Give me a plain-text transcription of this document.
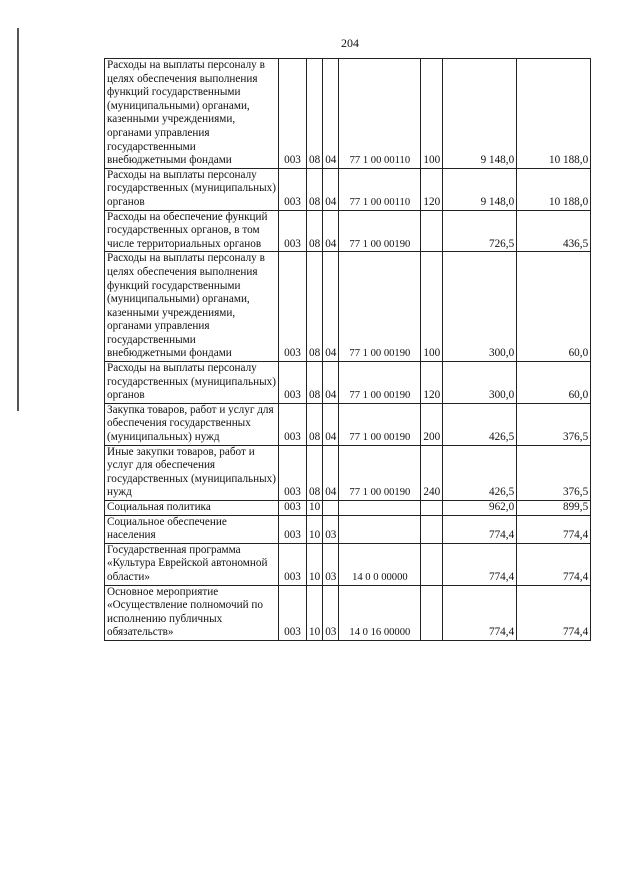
204
Расходы на выплаты персоналу в целях обеспечения выполнения функций государственными (муниципальными) органами, казенными учреждениями, органами управления государственными внебюджетными фондами	003	08	04	77 1 00 00110	100	9 148,0	10 188,0
Расходы на выплаты персоналу государственных (муниципальных) органов	003	08	04	77 1 00 00110	120	9 148,0	10 188,0
Расходы на обеспечение функций государственных органов, в том числе территориальных органов	003	08	04	77 1 00 00190		726,5	436,5
Расходы на выплаты персоналу в целях обеспечения выполнения функций государственными (муниципальными) органами, казенными учреждениями, органами управления государственными внебюджетными фондами	003	08	04	77 1 00 00190	100	300,0	60,0
Расходы на выплаты персоналу государственных (муниципальных) органов	003	08	04	77 1 00 00190	120	300,0	60,0
Закупка товаров, работ и услуг для обеспечения государственных (муниципальных) нужд	003	08	04	77 1 00 00190	200	426,5	376,5
Иные закупки товаров, работ и услуг для обеспечения государственных (муниципальных) нужд	003	08	04	77 1 00 00190	240	426,5	376,5
Социальная политика	003	10				962,0	899,5
Социальное обеспечение населения	003	10	03			774,4	774,4
Государственная программа «Культура Еврейской автономной области»	003	10	03	14 0 0 00000		774,4	774,4
Основное мероприятие «Осуществление полномочий по исполнению публичных обязательств»	003	10	03	14 0 16 00000		774,4	774,4
